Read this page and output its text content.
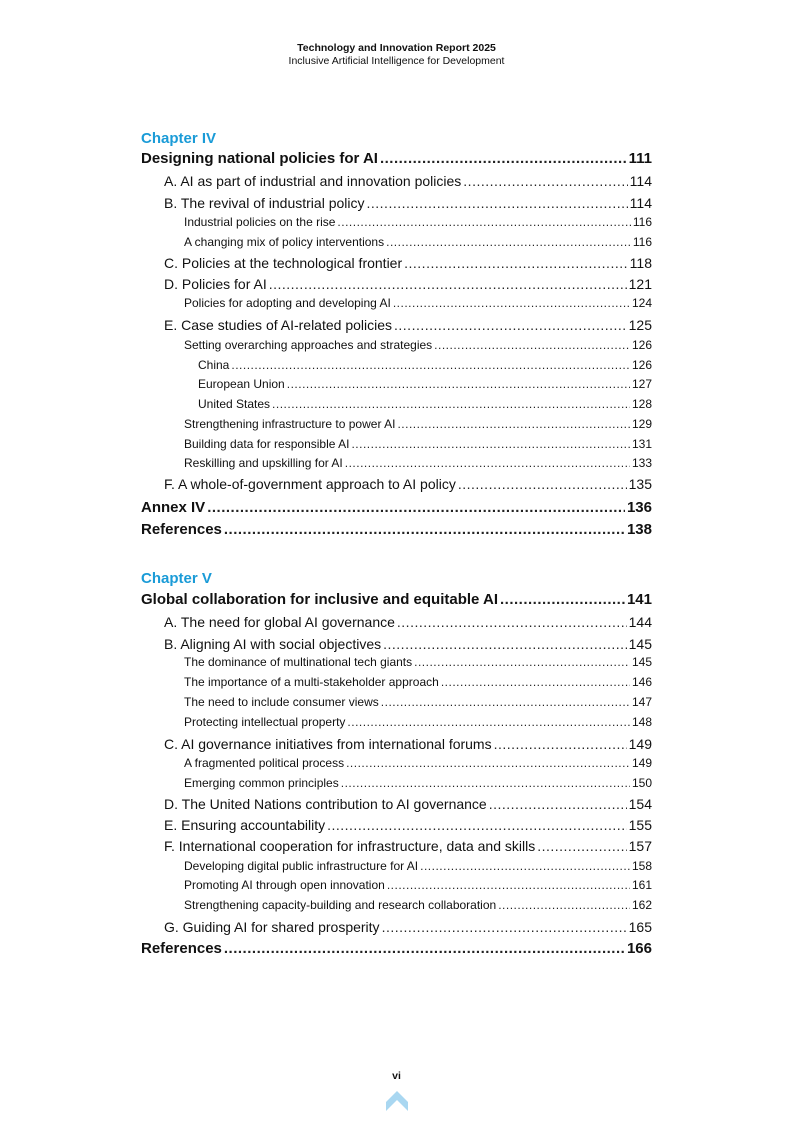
Technology and Innovation Report 2025
Inclusive Artificial Intelligence for Development
Chapter IV
Designing national policies for AI .....	111
A. AI as part of industrial and innovation policies .....	114
B. The revival of industrial policy .....	114
Industrial policies on the rise .....	116
A changing mix of policy interventions .....	116
C. Policies at the technological frontier .....	118
D. Policies for AI .....	121
Policies for adopting and developing AI .....	124
E. Case studies of AI-related policies .....	125
Setting overarching approaches and strategies .....	126
China .....	126
European Union .....	127
United States .....	128
Strengthening infrastructure to power AI .....	129
Building data for responsible AI .....	131
Reskilling and upskilling for AI .....	133
F. A whole-of-government approach to AI policy .....	135
Annex IV .....	136
References .....	138
Chapter V
Global collaboration for inclusive and equitable AI .....	141
A. The need for global AI governance .....	144
B. Aligning AI with social objectives .....	145
The dominance of multinational tech giants .....	145
The importance of a multi-stakeholder approach .....	146
The need to include consumer views .....	147
Protecting intellectual property .....	148
C. AI governance initiatives from international forums .....	149
A fragmented political process .....	149
Emerging common principles .....	150
D. The United Nations contribution to AI governance .....	154
E. Ensuring accountability .....	155
F. International cooperation for infrastructure, data and skills .....	157
Developing digital public infrastructure for AI .....	158
Promoting AI through open innovation .....	161
Strengthening capacity-building and research collaboration .....	162
G. Guiding AI for shared prosperity .....	165
References .....	166
vi
